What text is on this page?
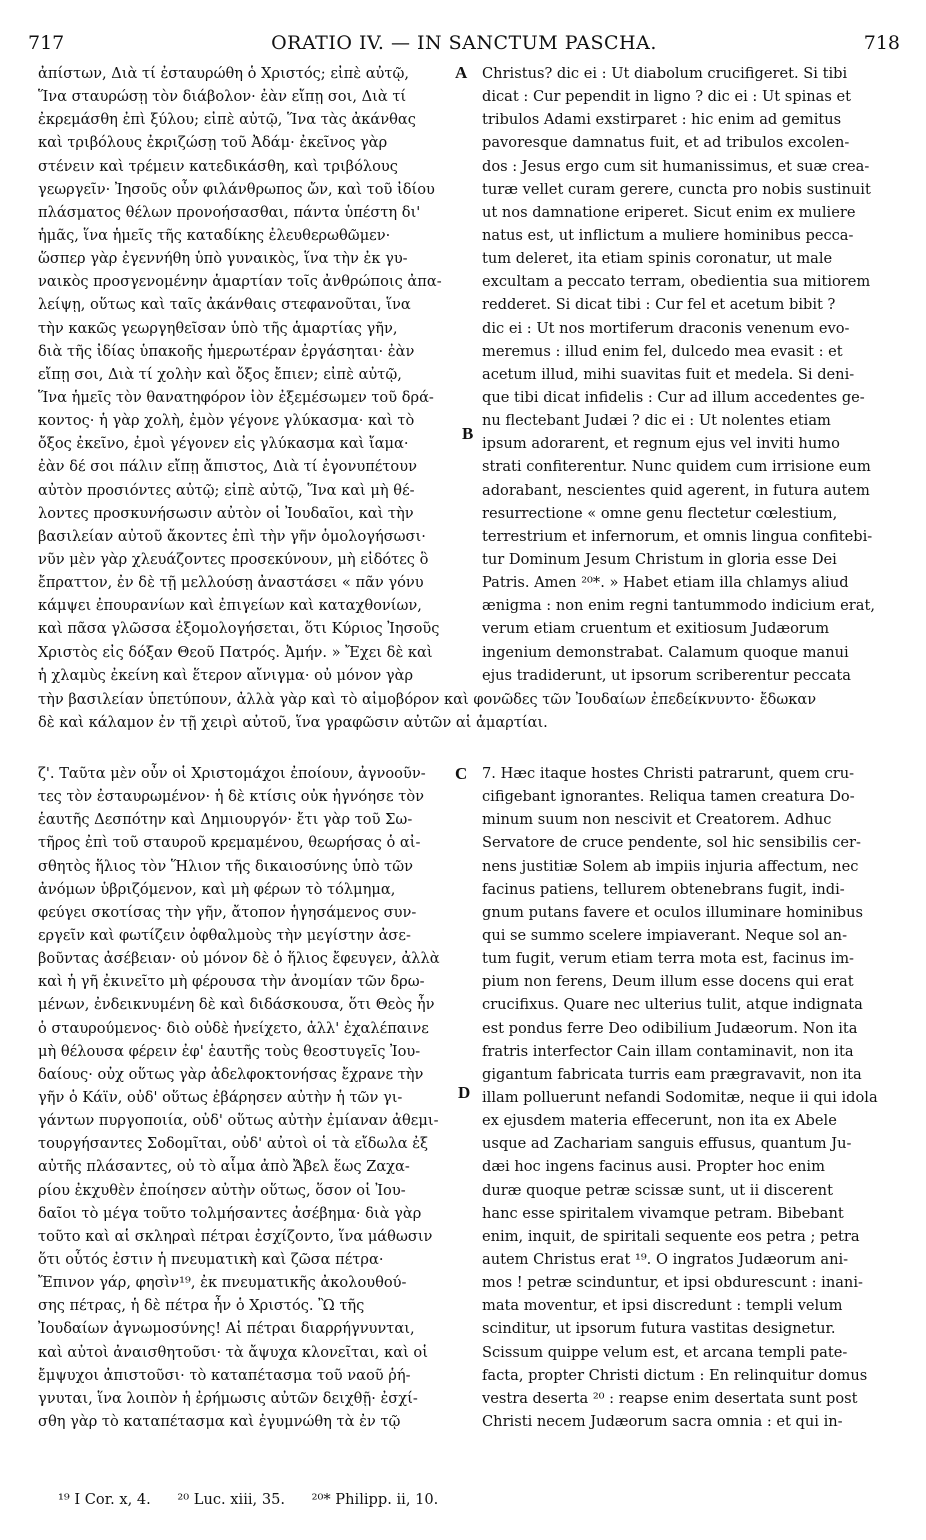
717	ORATIO IV. — IN SANCTUM PASCHA.	718
A
B
C
D
ἀπίστων, Διὰ τί ἐσταυρώθη ὁ Χριστός; εἰπὲ αὐτῷ,
Ἵνα σταυρώσῃ τὸν διάβολον· ἐὰν εἴπῃ σοι, Διὰ τί
ἐκρεμάσθη ἐπὶ ξύλου; εἰπὲ αὐτῷ, Ἵνα τὰς ἀκάνθας
καὶ τριβόλους ἐκριζώσῃ τοῦ Ἀδάμ· ἐκεῖνος γὰρ
στένειν καὶ τρέμειν κατεδικάσθη, καὶ τριβόλους
γεωργεῖν· Ἰησοῦς οὖν φιλάνθρωπος ὤν, καὶ τοῦ ἰδίου
πλάσματος θέλων προνοήσασθαι, πάντα ὑπέστη δι'
ἡμᾶς, ἵνα ἡμεῖς τῆς καταδίκης ἐλευθερωθῶμεν·
ὥσπερ γὰρ ἐγεννήθη ὑπὸ γυναικὸς, ἵνα τὴν ἐκ γυ-
ναικὸς προσγενομένην ἁμαρτίαν τοῖς ἀνθρώποις ἀπα-
λείψῃ, οὕτως καὶ ταῖς ἀκάνθαις στεφανοῦται, ἵνα
τὴν κακῶς γεωργηθεῖσαν ὑπὸ τῆς ἁμαρτίας γῆν,
διὰ τῆς ἰδίας ὑπακοῆς ἡμερωτέραν ἐργάσηται· ἐὰν
εἴπῃ σοι, Διὰ τί χολὴν καὶ ὄξος ἔπιεν; εἰπὲ αὐτῷ,
Ἵνα ἡμεῖς τὸν θανατηφόρον ἰὸν ἐξεμέσωμεν τοῦ δρά-
κοντος· ἡ γὰρ χολὴ, ἐμὸν γέγονε γλύκασμα· καὶ τὸ
ὄξος ἐκεῖνο, ἐμοὶ γέγονεν εἰς γλύκασμα καὶ ἴαμα·
ἐὰν δέ σοι πάλιν εἴπῃ ἄπιστος, Διὰ τί ἐγονυπέτουν
αὐτὸν προσιόντες αὐτῷ; εἰπὲ αὐτῷ, Ἵνα καὶ μὴ θέ-
λοντες προσκυνήσωσιν αὐτὸν οἱ Ἰουδαῖοι, καὶ τὴν
βασιλείαν αὐτοῦ ἄκοντες ἐπὶ τὴν γῆν ὁμολογήσωσι·
νῦν μὲν γὰρ χλευάζοντες προσεκύνουν, μὴ εἰδότες ὃ
ἔπραττον, ἐν δὲ τῇ μελλούσῃ ἀναστάσει « πᾶν γόνυ
κάμψει ἐπουρανίων καὶ ἐπιγείων καὶ καταχθονίων,
καὶ πᾶσα γλῶσσα ἐξομολογήσεται, ὅτι Κύριος Ἰησοῦς
Χριστὸς εἰς δόξαν Θεοῦ Πατρός. Ἀμήν. » Ἔχει δὲ καὶ
ἡ χλαμὺς ἐκείνη καὶ ἕτερον αἴνιγμα· οὐ μόνον γὰρ
Christus? dic ei : Ut diabolum crucifigeret. Si tibi
dicat : Cur pependit in ligno ? dic ei : Ut spinas et
tribulos Adami exstirparet : hic enim ad gemitus
pavoresque damnatus fuit, et ad tribulos excolen-
dos : Jesus ergo cum sit humanissimus, et suæ crea-
turæ vellet curam gerere, cuncta pro nobis sustinuit
ut nos damnatione eriperet. Sicut enim ex muliere
natus est, ut inflictum a muliere hominibus pecca-
tum deleret, ita etiam spinis coronatur, ut male
excultam a peccato terram, obedientia sua mitiorem
redderet. Si dicat tibi : Cur fel et acetum bibit ?
dic ei : Ut nos mortiferum draconis venenum evo-
meremus : illud enim fel, dulcedo mea evasit : et
acetum illud, mihi suavitas fuit et medela. Si deni-
que tibi dicat infidelis : Cur ad illum accedentes ge-
nu flectebant Judæi ? dic ei : Ut nolentes etiam
ipsum adorarent, et regnum ejus vel inviti humo
strati confiterentur. Nunc quidem cum irrisione eum
adorabant, nescientes quid agerent, in futura autem
resurrectione « omne genu flectetur cœlestium,
terrestrium et infernorum, et omnis lingua confitebi-
tur Dominum Jesum Christum in gloria esse Dei
Patris. Amen ²⁰*. » Habet etiam illa chlamys aliud
ænigma : non enim regni tantummodo indicium erat,
verum etiam cruentum et exitiosum Judæorum
ingenium demonstrabat. Calamum quoque manui
ejus tradiderunt, ut ipsorum scriberentur peccata
τὴν βασιλείαν ὑπετύπουν, ἀλλὰ γὰρ καὶ τὸ αἱμοβόρον καὶ φονῶδες τῶν Ἰουδαίων ἐπεδείκνυντο· ἔδωκαν
δὲ καὶ κάλαμον ἐν τῇ χειρὶ αὐτοῦ, ἵνα γραφῶσιν αὐτῶν αἱ ἁμαρτίαι.
ζ'. Ταῦτα μὲν οὖν οἱ Χριστομάχοι ἐποίουν, ἀγνοοῦν-
τες τὸν ἐσταυρωμένον· ἡ δὲ κτίσις οὐκ ἠγνόησε τὸν
ἑαυτῆς Δεσπότην καὶ Δημιουργόν· ἔτι γὰρ τοῦ Σω-
τῆρος ἐπὶ τοῦ σταυροῦ κρεμαμένου, θεωρήσας ὁ αἰ-
σθητὸς ἥλιος τὸν Ἥλιον τῆς δικαιοσύνης ὑπὸ τῶν
ἀνόμων ὑβριζόμενον, καὶ μὴ φέρων τὸ τόλμημα,
φεύγει σκοτίσας τὴν γῆν, ἄτοπον ἡγησάμενος συν-
εργεῖν καὶ φωτίζειν ὀφθαλμοὺς τὴν μεγίστην ἀσε-
βοῦντας ἀσέβειαν· οὐ μόνον δὲ ὁ ἥλιος ἔφευγεν, ἀλλὰ
καὶ ἡ γῆ ἐκινεῖτο μὴ φέρουσα τὴν ἀνομίαν τῶν δρω-
μένων, ἐνδεικνυμένη δὲ καὶ διδάσκουσα, ὅτι Θεὸς ἦν
ὁ σταυρούμενος· διὸ οὐδὲ ἠνείχετο, ἀλλ' ἐχαλέπαινε
μὴ θέλουσα φέρειν ἐφ' ἑαυτῆς τοὺς θεοστυγεῖς Ἰου-
δαίους· οὐχ οὕτως γὰρ ἀδελφοκτονήσας ἔχρανε τὴν
γῆν ὁ Κάϊν, οὐδ' οὕτως ἐβάρησεν αὐτὴν ἡ τῶν γι-
γάντων πυργοποιία, οὐδ' οὕτως αὐτὴν ἐμίαναν ἀθεμι-
τουργήσαντες Σοδομῖται, οὐδ' αὐτοὶ οἱ τὰ εἴδωλα ἐξ
αὐτῆς πλάσαντες, οὐ τὸ αἷμα ἀπὸ Ἄβελ ἕως Ζαχα-
ρίου ἐκχυθὲν ἐποίησεν αὐτὴν οὕτως, ὅσον οἱ Ἰου-
δαῖοι τὸ μέγα τοῦτο τολμήσαντες ἀσέβημα· διὰ γὰρ
τοῦτο καὶ αἱ σκληραὶ πέτραι ἐσχίζοντο, ἵνα μάθωσιν
ὅτι οὗτός ἐστιν ἡ πνευματικὴ καὶ ζῶσα πέτρα·
Ἔπινον γάρ, φησὶν¹⁹, ἐκ πνευματικῆς ἀκολουθού-
σης πέτρας, ἡ δὲ πέτρα ἦν ὁ Χριστός. Ὢ τῆς
Ἰουδαίων ἀγνωμοσύνης! Αἱ πέτραι διαρρήγνυνται,
καὶ αὐτοὶ ἀναισθητοῦσι· τὰ ἄψυχα κλονεῖται, καὶ οἱ
ἔμψυχοι ἀπιστοῦσι· τὸ καταπέτασμα τοῦ ναοῦ ῥή-
γνυται, ἵνα λοιπὸν ἡ ἐρήμωσις αὐτῶν δειχθῇ· ἐσχί-
σθη γὰρ τὸ καταπέτασμα καὶ ἐγυμνώθη τὰ ἐν τῷ
7. Hæc itaque hostes Christi patrarunt, quem cru-
cifigebant ignorantes. Reliqua tamen creatura Do-
minum suum non nescivit et Creatorem. Adhuc
Servatore de cruce pendente, sol hic sensibilis cer-
nens justitiæ Solem ab impiis injuria affectum, nec
facinus patiens, tellurem obtenebrans fugit, indi-
gnum putans favere et oculos illuminare hominibus
qui se summo scelere impiaverant. Neque sol an-
tum fugit, verum etiam terra mota est, facinus im-
pium non ferens, Deum illum esse docens qui erat
crucifixus. Quare nec ulterius tulit, atque indignata
est pondus ferre Deo odibilium Judæorum. Non ita
fratris interfector Cain illam contaminavit, non ita
gigantum fabricata turris eam prægravavit, non ita
illam polluerunt nefandi Sodomitæ, neque ii qui idola
ex ejusdem materia effecerunt, non ita ex Abele
usque ad Zachariam sanguis effusus, quantum Ju-
dæi hoc ingens facinus ausi. Propter hoc enim
duræ quoque petræ scissæ sunt, ut ii discerent
hanc esse spiritalem vivamque petram. Bibebant
enim, inquit, de spiritali sequente eos petra ; petra
autem Christus erat ¹⁹. O ingratos Judæorum ani-
mos ! petræ scinduntur, et ipsi obdurescunt : inani-
mata moventur, et ipsi discredunt : templi velum
scinditur, ut ipsorum futura vastitas designetur.
Scissum quippe velum est, et arcana templi pate-
facta, propter Christi dictum : En relinquitur domus
vestra deserta ²⁰ : reapse enim desertata sunt post
Christi necem Judæorum sacra omnia : et qui in-
¹⁹ I Cor. x, 4. ²⁰ Luc. xiii, 35. ²⁰* Philipp. ii, 10.
